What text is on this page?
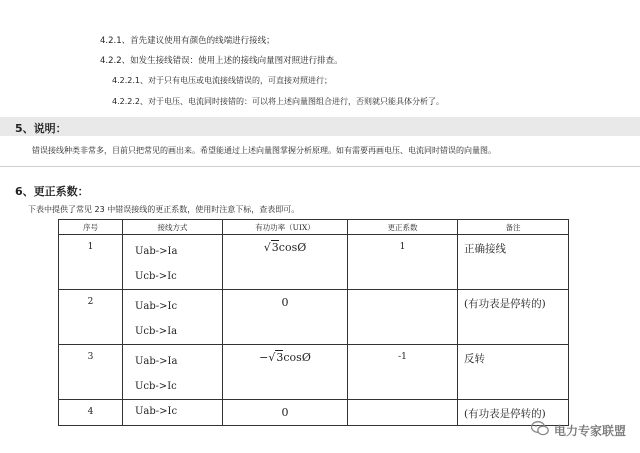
4.2.1、首先建议使用有颜色的线端进行接线；
4.2.2、如发生接线错误：使用上述的接线向量图对照进行排查。
4.2.2.1、对于只有电压或电流接线错误的，可直接对照进行；
4.2.2.2、对于电压、电流同时接错的：可以将上述向量图组合进行，否则就只能具体分析了。
5、说明：
错误接线种类非常多，目前只把常见的画出来。希望能通过上述向量图掌握分析原理。如有需要再画电压、电流同时错误的向量图。
6、更正系数：
下表中提供了常见 23 中错误接线的更正系数，使用时注意下标，查表即可。
序号	接线方式	有功功率（UIX）	更正系数	备注
1	Uab->Ia
Ucb->Ic	√3cosØ	1	正确接线
2	Uab->Ic
Ucb->Ia	0		(有功表是停转的)
3	Uab->Ia
Ucb->Ic	−√3cosØ	-1	反转
4	Uab->Ic	0		(有功表是停转的)
电力专家联盟
